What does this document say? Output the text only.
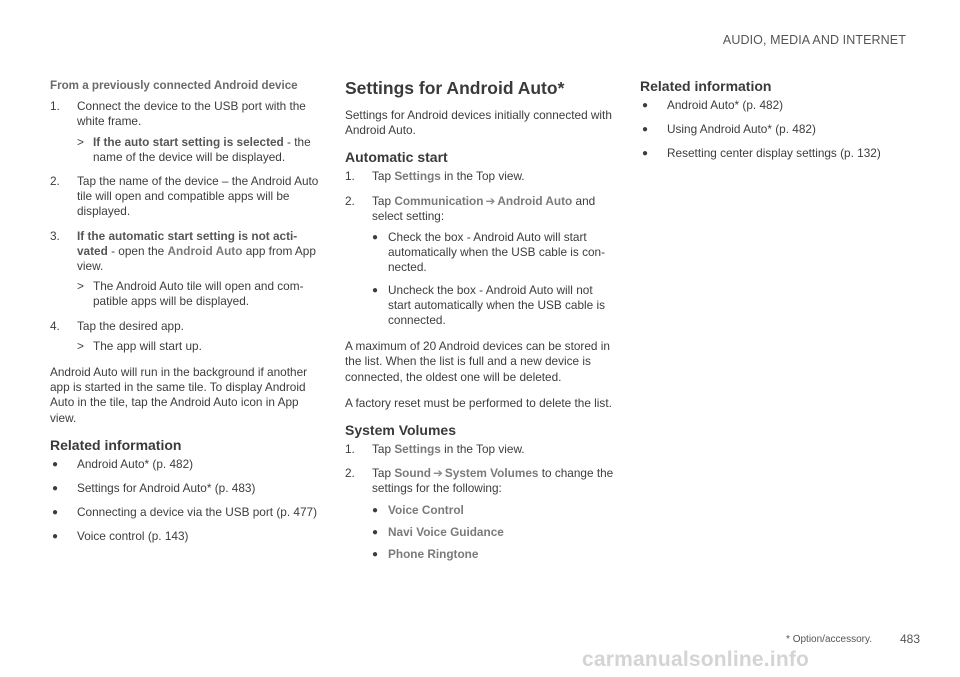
AUDIO, MEDIA AND INTERNET
From a previously connected Android device
1. Connect the device to the USB port with the white frame.
> If the auto start setting is selected - the name of the device will be displayed.
2. Tap the name of the device – the Android Auto tile will open and compatible apps will be displayed.
3. If the automatic start setting is not acti-vated - open the Android Auto app from App view.
> The Android Auto tile will open and com-patible apps will be displayed.
4. Tap the desired app.
> The app will start up.

Android Auto will run in the background if another app is started in the same tile. To display Android Auto in the tile, tap the Android Auto icon in App view.

Related information
● Android Auto* (p. 482)
● Settings for Android Auto* (p. 483)
● Connecting a device via the USB port (p. 477)
● Voice control (p. 143)
Settings for Android Auto*

Settings for Android devices initially connected with Android Auto.

Automatic start
1. Tap Settings in the Top view.
2. Tap Communication ➔ Android Auto and select setting:
● Check the box - Android Auto will start automatically when the USB cable is con-nected.
● Uncheck the box - Android Auto will not start automatically when the USB cable is connected.

A maximum of 20 Android devices can be stored in the list. When the list is full and a new device is connected, the oldest one will be deleted.

A factory reset must be performed to delete the list.

System Volumes
1. Tap Settings in the Top view.
2. Tap Sound ➔ System Volumes to change the settings for the following:
● Voice Control
● Navi Voice Guidance
● Phone Ringtone
Related information
● Android Auto* (p. 482)
● Using Android Auto* (p. 482)
● Resetting center display settings (p. 132)
* Option/accessory.	483
carmanualsonline.info
